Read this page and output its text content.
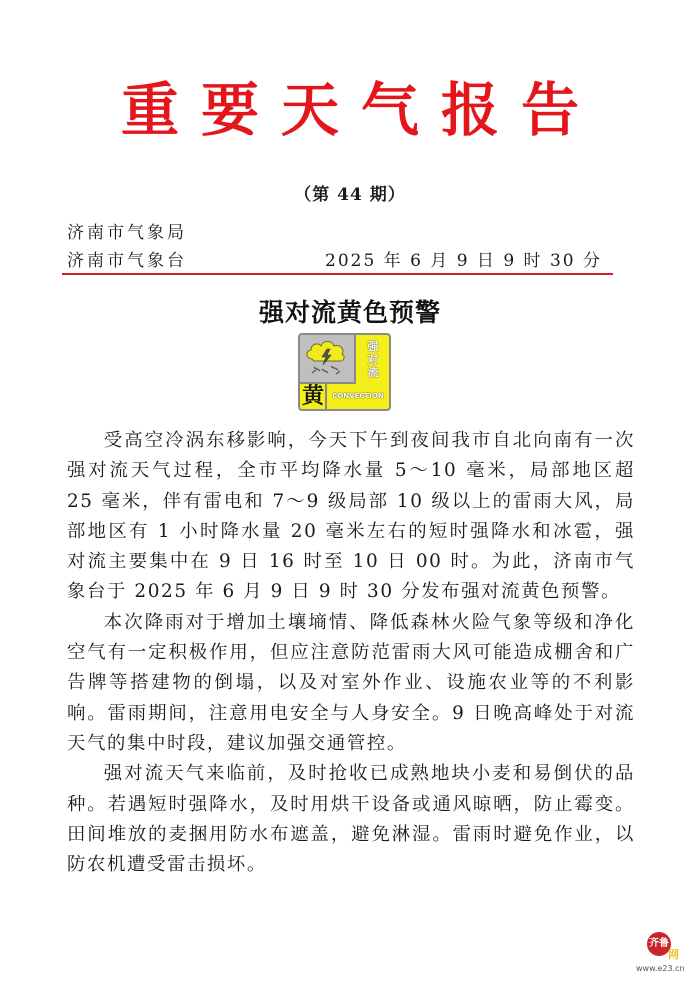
重要天气报告
（第 44 期）
济南市气象局
济南市气象台	2025 年 6 月 9 日 9 时 30 分
强对流黄色预警
强
对
流
黄	CONVECTION

受高空冷涡东移影响，今天下午到夜间我市自北向南有一次强对流天气过程，全市平均降水量 5～10 毫米，局部地区超 25 毫米，伴有雷电和 7～9 级局部 10 级以上的雷雨大风，局部地区有 1 小时降水量 20 毫米左右的短时强降水和冰雹，强对流主要集中在 9 日 16 时至 10 日 00 时。为此，济南市气象台于 2025 年 6 月 9 日 9 时 30 分发布强对流黄色预警。

本次降雨对于增加土壤墒情、降低森林火险气象等级和净化空气有一定积极作用，但应注意防范雷雨大风可能造成棚舍和广告牌等搭建物的倒塌，以及对室外作业、设施农业等的不利影响。雷雨期间，注意用电安全与人身安全。9 日晚高峰处于对流天气的集中时段，建议加强交通管控。

强对流天气来临前，及时抢收已成熟地块小麦和易倒伏的品种。若遇短时强降水，及时用烘干设备或通风晾晒，防止霉变。田间堆放的麦捆用防水布遮盖，避免淋湿。雷雨时避免作业，以防农机遭受雷击损坏。

齐鲁
网
www.e23.cn
